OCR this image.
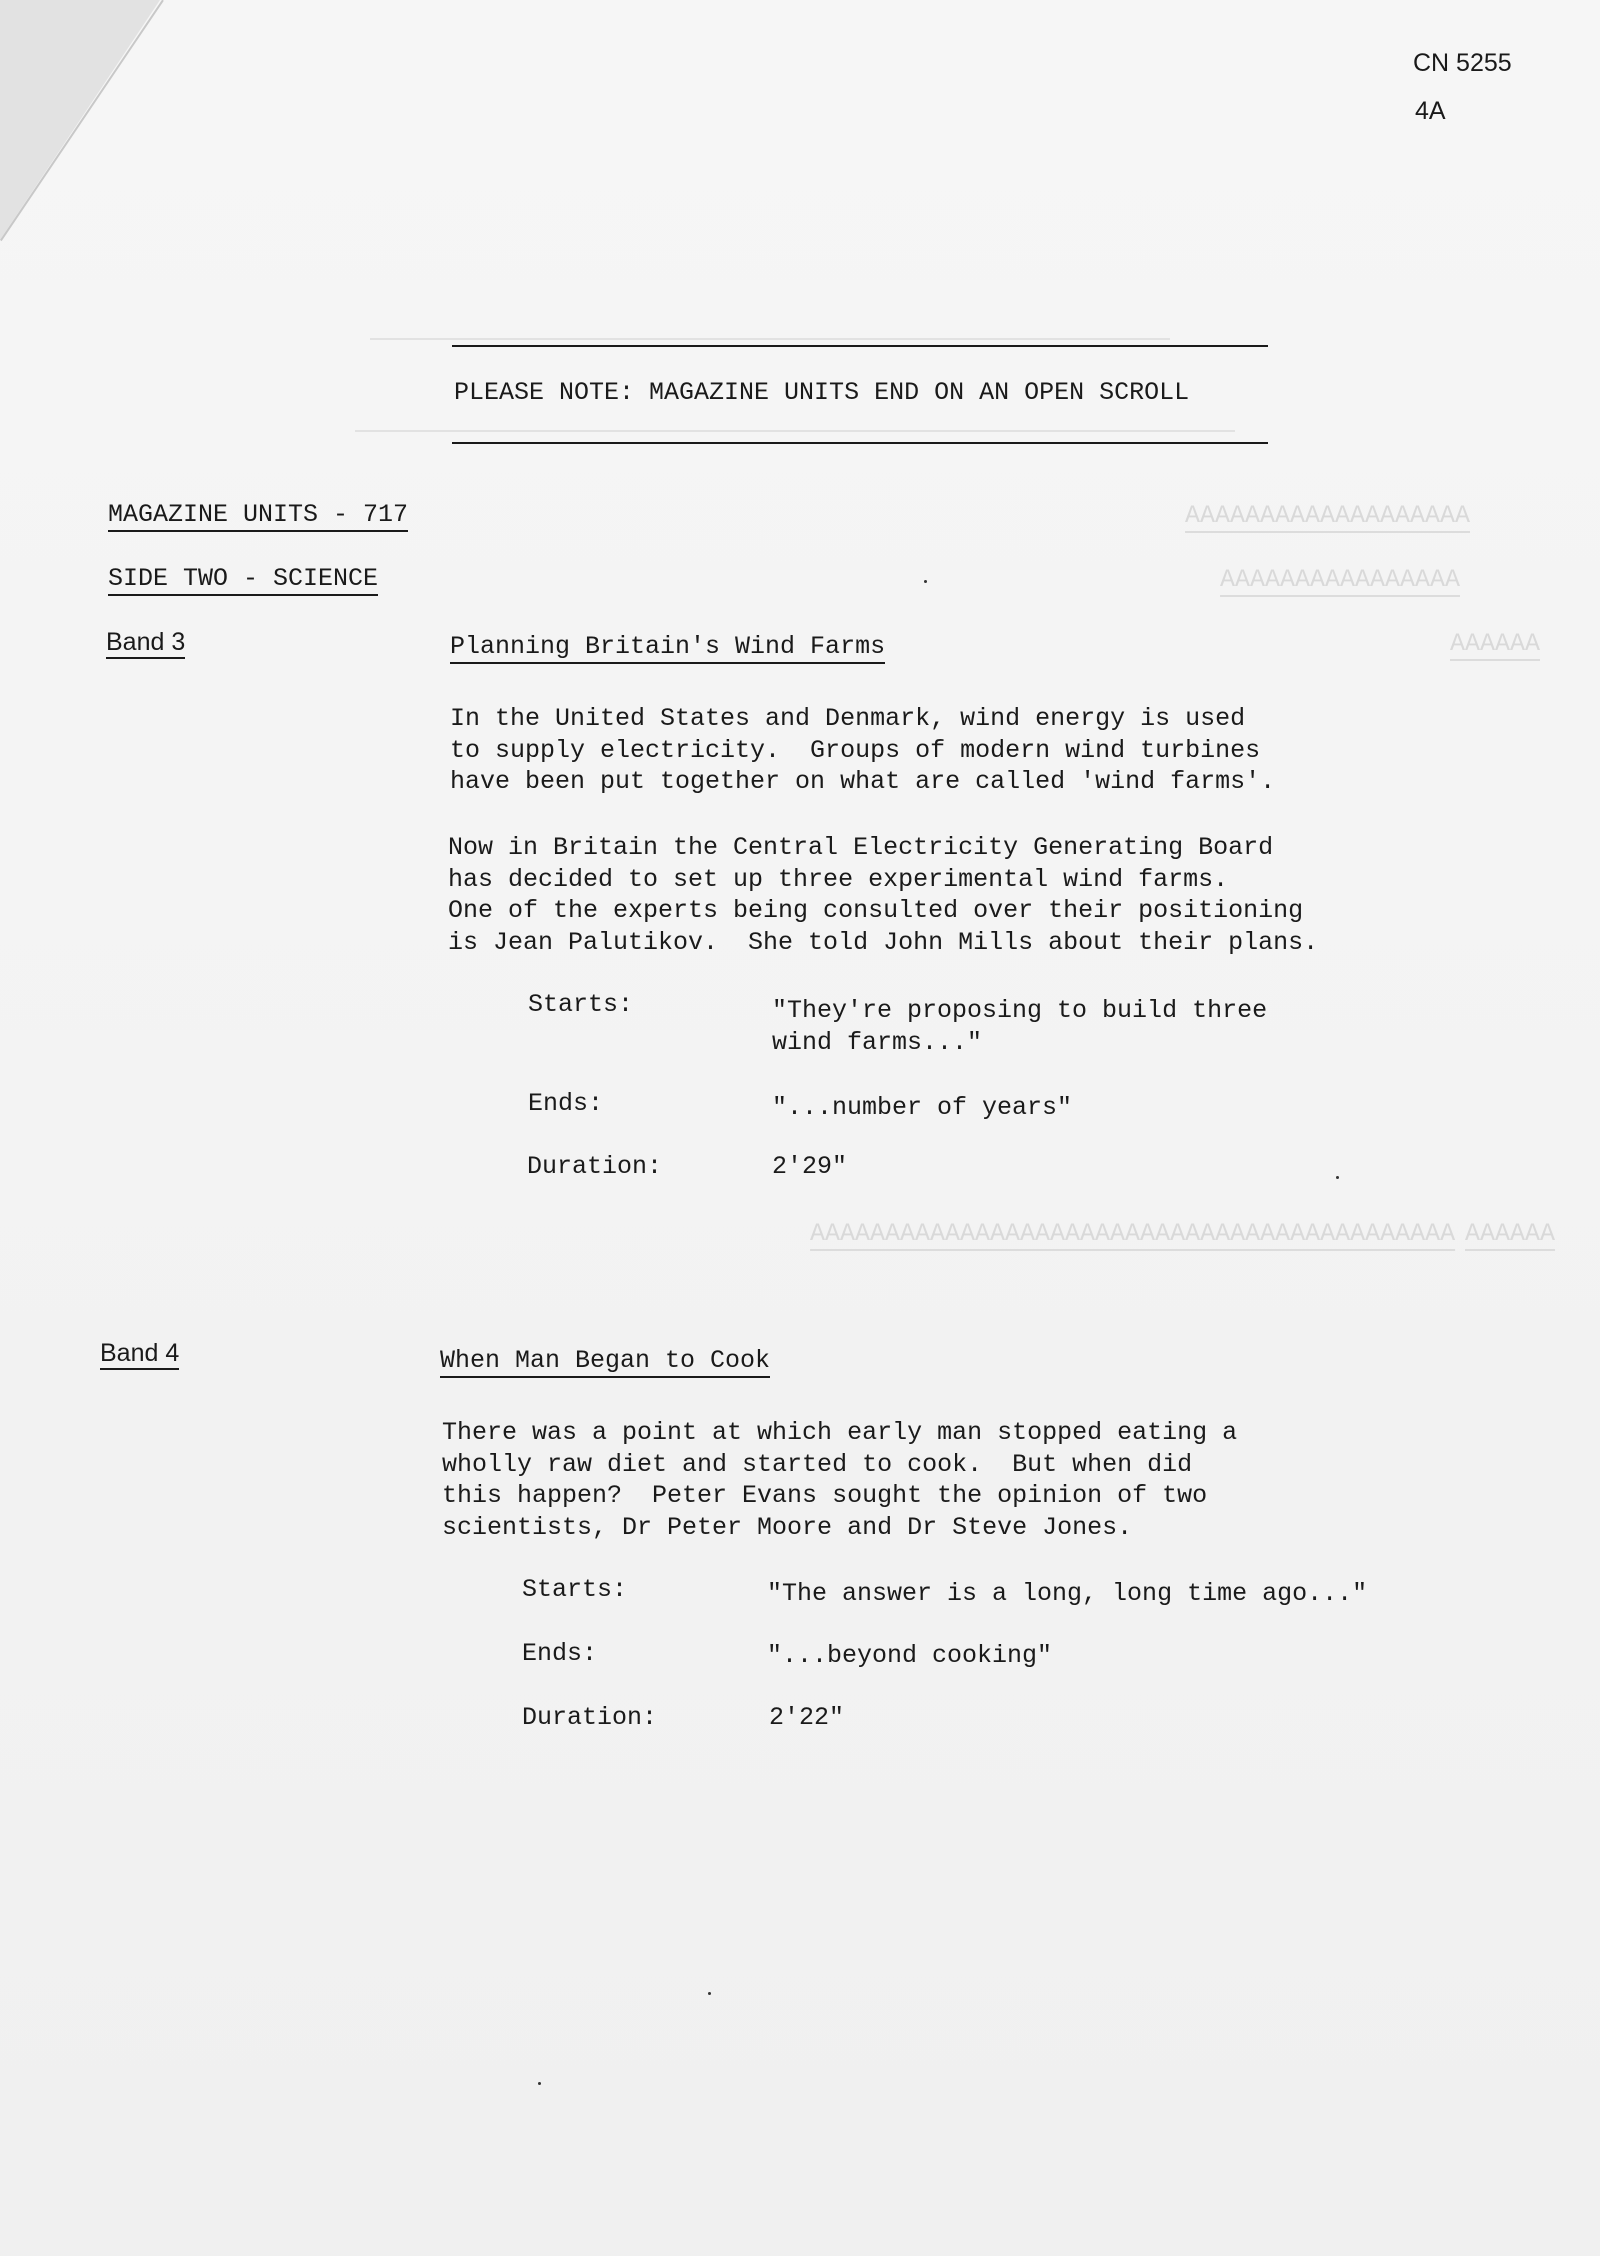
AAAAAAAAAAAAAAAAAAA
AAAAAAAAAAAAAAAA
AAAAAA
AAAAAAAAAAAAAAAAAAAAAAAAAAAAAAAAAAAAAAAAAAA AAAAAA
CN 5255
4A
PLEASE NOTE: MAGAZINE UNITS END ON AN OPEN SCROLL
MAGAZINE UNITS - 717
SIDE TWO - SCIENCE
Band 3	Planning Britain's Wind Farms
In the United States and Denmark, wind energy is used
to supply electricity.  Groups of modern wind turbines
have been put together on what are called 'wind farms'.
Now in Britain the Central Electricity Generating Board
has decided to set up three experimental wind farms.
One of the experts being consulted over their positioning
is Jean Palutikov.  She told John Mills about their plans.
Starts:	"They're proposing to build three
wind farms..."
Ends:	"...number of years"
Duration:	2'29"
Band 4	When Man Began to Cook
There was a point at which early man stopped eating a
wholly raw diet and started to cook.  But when did
this happen?  Peter Evans sought the opinion of two
scientists, Dr Peter Moore and Dr Steve Jones.
Starts:	"The answer is a long, long time ago..."
Ends:	"...beyond cooking"
Duration:	2'22"
